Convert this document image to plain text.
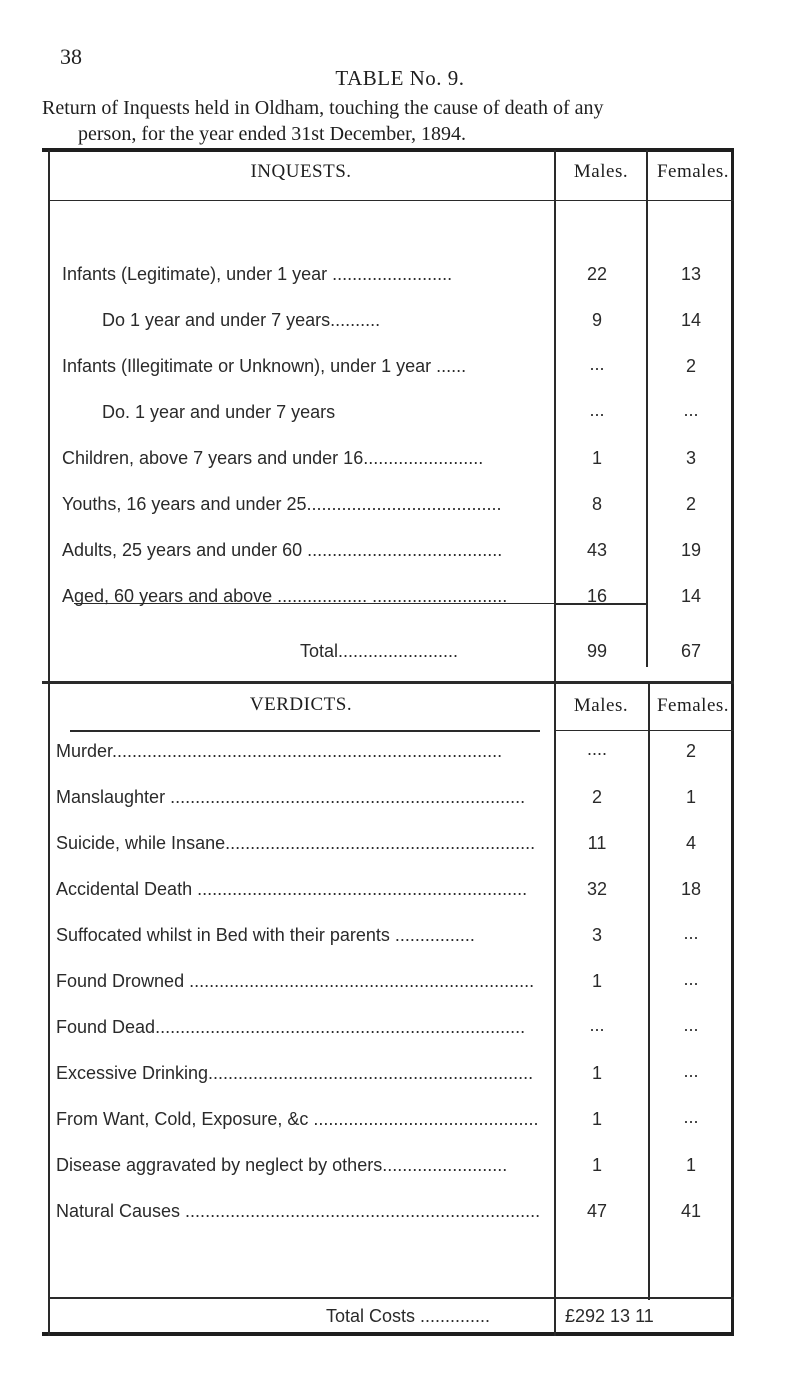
38
TABLE No. 9.
Return of Inquests held in Oldham, touching the cause of death of any
person, for the year ended 31st December, 1894.
INQUESTS.	Males.	Females.
Infants (Legitimate), under 1 year ........................	22	13
Do 1 year and under 7 years..........	9	14
Infants (Illegitimate or Unknown), under 1 year ......	...	2
Do. 1 year and under 7 years	...	...
Children, above 7 years and under 16........................	1	3
Youths, 16 years and under 25.......................................	8	2
Adults, 25 years and under 60 .......................................	43	19
Aged, 60 years and above .................. ...........................	16	14
Total........................	99	67
VERDICTS.	Males.	Females.
Murder..............................................................................	....	2
Manslaughter .......................................................................	2	1
Suicide, while Insane..............................................................	11	4
Accidental Death ..................................................................	32	18
Suffocated whilst in Bed with their parents ................	3	...
Found Drowned .....................................................................	1	...
Found Dead..........................................................................	...	...
Excessive Drinking.................................................................	1	...
From Want, Cold, Exposure, &c .............................................	1	...
Disease aggravated by neglect by others.........................	1	1
Natural Causes .......................................................................	47	41
Total Costs ..............	£292 13 11
